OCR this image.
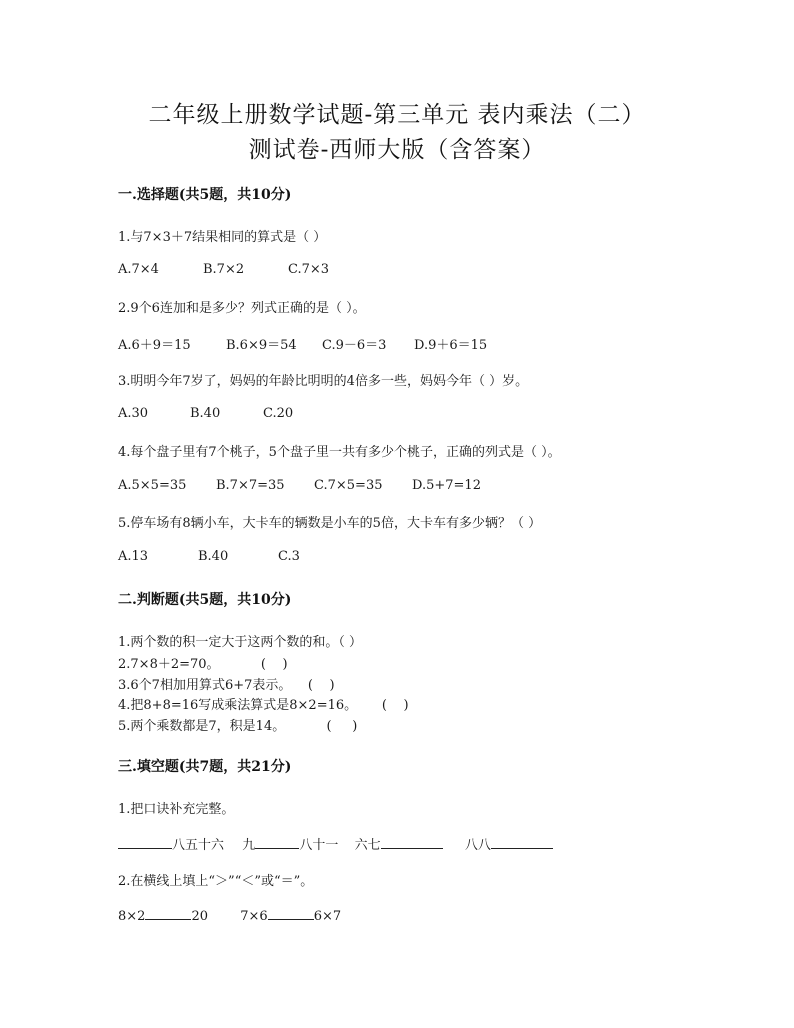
二年级上册数学试题-第三单元 表内乘法（二）
测试卷-西师大版（含答案）
一.选择题(共5题，共10分)
1.与7×3＋7结果相同的算式是（ ）
A.7×4	B.7×2	C.7×3
2.9个6连加和是多少？列式正确的是（ ）。
A.6＋9＝15	B.6×9＝54 C.9－6＝3 D.9＋6＝15
3.明明今年7岁了，妈妈的年龄比明明的4倍多一些，妈妈今年（ ）岁。
A.30	B.40	C.20
4.每个盘子里有7个桃子，5个盘子里一共有多少个桃子，正确的列式是（ ）。
A.5×5=35 B.7×7=35 C.7×5=35 D.5+7=12
5.停车场有8辆小车，大卡车的辆数是小车的5倍，大卡车有多少辆？（ ）
A.13	B.40	C.3
二.判断题(共5题，共10分)
1.两个数的积一定大于这两个数的和。（ ）
2.7×8＋2=70。          (    )
3.6个7相加用算式6+7表示。    (    )
4.把8+8=16写成乘法算式是8×2=16。      (    )
5.两个乘数都是7，积是14。          (     )
三.填空题(共7题，共21分)
1.把口诀补充完整。
八五十六 九	八十一 六七	八八
2.在横线上填上“＞”“＜”或“＝”。
8×2	20 7×6	6×7
